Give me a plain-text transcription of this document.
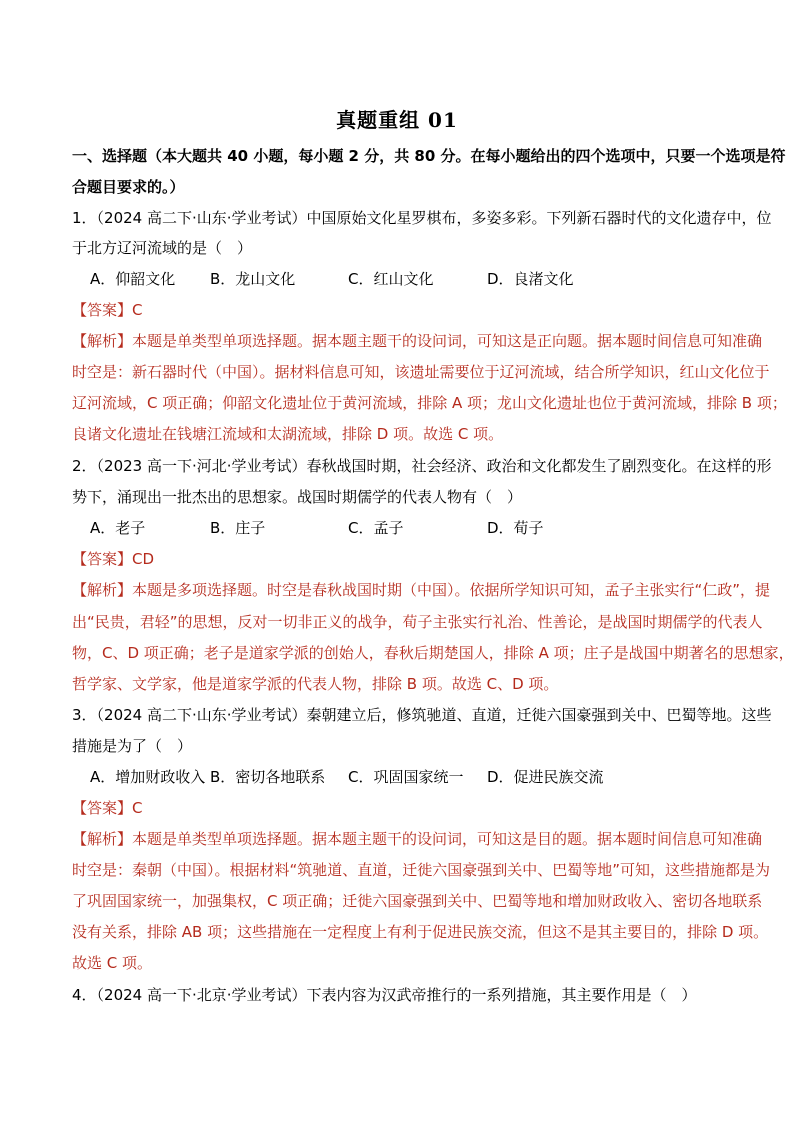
真题重组 01
一、选择题（本大题共 40 小题，每小题 2 分，共 80 分。在每小题给出的四个选项中，只要一个选项是符
合题目要求的。）
1．（2024 高二下·山东·学业考试）中国原始文化星罗棋布，多姿多彩。下列新石器时代的文化遗存中，位
于北方辽河流域的是（　）
A．仰韶文化 B．龙山文化	C．红山文化	D．良渚文化
【答案】C
【解析】本题是单类型单项选择题。据本题主题干的设问词，可知这是正向题。据本题时间信息可知准确
时空是：新石器时代（中国）。据材料信息可知，该遗址需要位于辽河流域，结合所学知识，红山文化位于
辽河流域，C 项正确；仰韶文化遗址位于黄河流域，排除 A 项；龙山文化遗址也位于黄河流域，排除 B 项；
良诸文化遗址在钱塘江流域和太湖流域，排除 D 项。故选 C 项。
2．（2023 高一下·河北·学业考试）春秋战国时期，社会经济、政治和文化都发生了剧烈变化。在这样的形
势下，涌现出一批杰出的思想家。战国时期儒学的代表人物有（　）
A．老子	B．庄子	C．孟子	D．荀子
【答案】CD
【解析】本题是多项选择题。时空是春秋战国时期（中国）。依据所学知识可知，孟子主张实行“仁政”，提
出“民贵，君轻”的思想，反对一切非正义的战争，荀子主张实行礼治、性善论，是战国时期儒学的代表人
物，C、D 项正确；老子是道家学派的创始人，春秋后期楚国人，排除 A 项；庄子是战国中期著名的思想家，
哲学家、文学家，他是道家学派的代表人物，排除 B 项。故选 C、D 项。
3．（2024 高二下·山东·学业考试）秦朝建立后，修筑驰道、直道，迁徙六国豪强到关中、巴蜀等地。这些
措施是为了（　）
A．增加财政收入 B．密切各地联系 C．巩固国家统一 D．促进民族交流
【答案】C
【解析】本题是单类型单项选择题。据本题主题干的设问词，可知这是目的题。据本题时间信息可知准确
时空是：秦朝（中国）。根据材料“筑驰道、直道，迁徙六国豪强到关中、巴蜀等地”可知，这些措施都是为
了巩固国家统一，加强集权，C 项正确；迁徙六国豪强到关中、巴蜀等地和增加财政收入、密切各地联系
没有关系，排除 AB 项；这些措施在一定程度上有利于促进民族交流，但这不是其主要目的，排除 D 项。
故选 C 项。
4．（2024 高一下·北京·学业考试）下表内容为汉武帝推行的一系列措施，其主要作用是（　）
